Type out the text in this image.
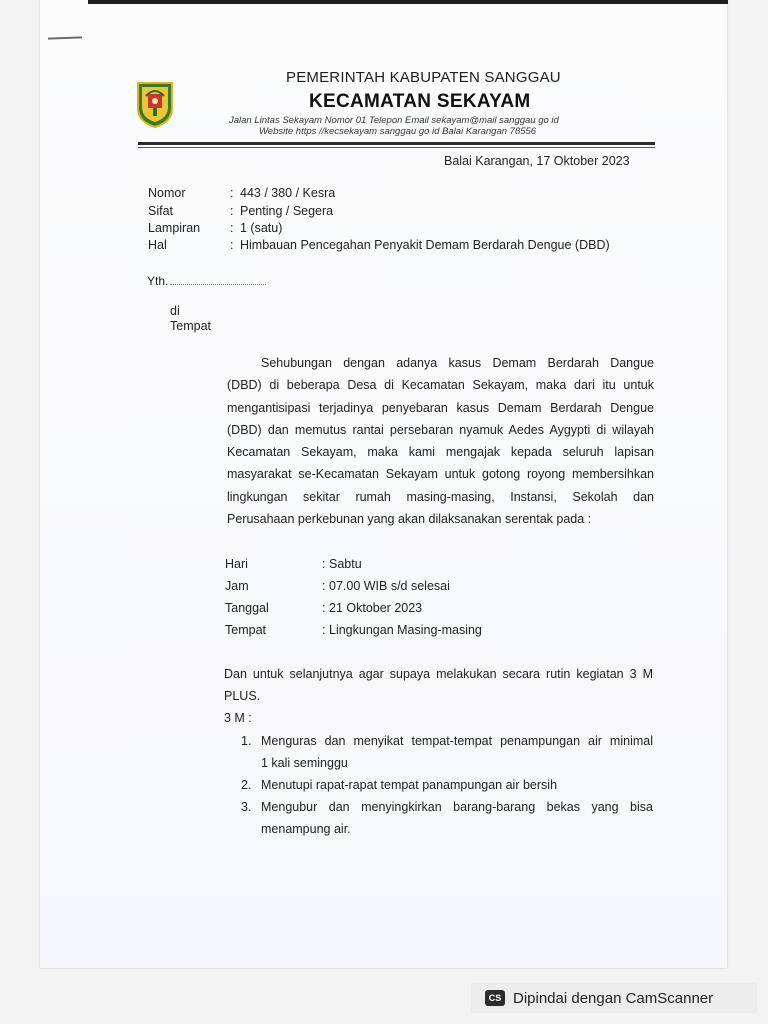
PEMERINTAH KABUPATEN SANGGAU
KECAMATAN SEKAYAM
Jalan Lintas Sekayam Nomor 01 Telepon Email sekayam@mail sanggau go id
Website https //kecsekayam sanggau go id Balai Karangan 78556
Balai Karangan, 17 Oktober 2023
Nomor	: 443 / 380 / Kesra
Sifat	: Penting / Segera
Lampiran : 1 (satu)
Hal	: Himbauan Pencegahan Penyakit Demam Berdarah Dengue (DBD)
Yth.
di
Tempat
Sehubungan dengan adanya kasus Demam Berdarah Dangue
(DBD) di beberapa Desa di Kecamatan Sekayam, maka dari itu untuk
mengantisipasi terjadinya penyebaran kasus Demam Berdarah Dengue
(DBD) dan memutus rantai persebaran nyamuk Aedes Aygypti di wilayah
Kecamatan Sekayam, maka kami mengajak kepada seluruh lapisan
masyarakat se-Kecamatan Sekayam untuk gotong royong membersihkan
lingkungan sekitar rumah masing-masing, Instansi, Sekolah dan
Perusahaan perkebunan yang akan dilaksanakan serentak pada :
Hari	: Sabtu
Jam	: 07.00 WIB s/d selesai
Tanggal	: 21 Oktober 2023
Tempat	: Lingkungan Masing-masing
Dan untuk selanjutnya agar supaya melakukan secara rutin kegiatan 3 M
PLUS.
3 M :
1. Menguras dan menyikat tempat-tempat penampungan air minimal
1 kali seminggu
2. Menutupi rapat-rapat tempat panampungan air bersih
3. Mengubur dan menyingkirkan barang-barang bekas yang bisa
menampung air.
CS Dipindai dengan CamScanner
